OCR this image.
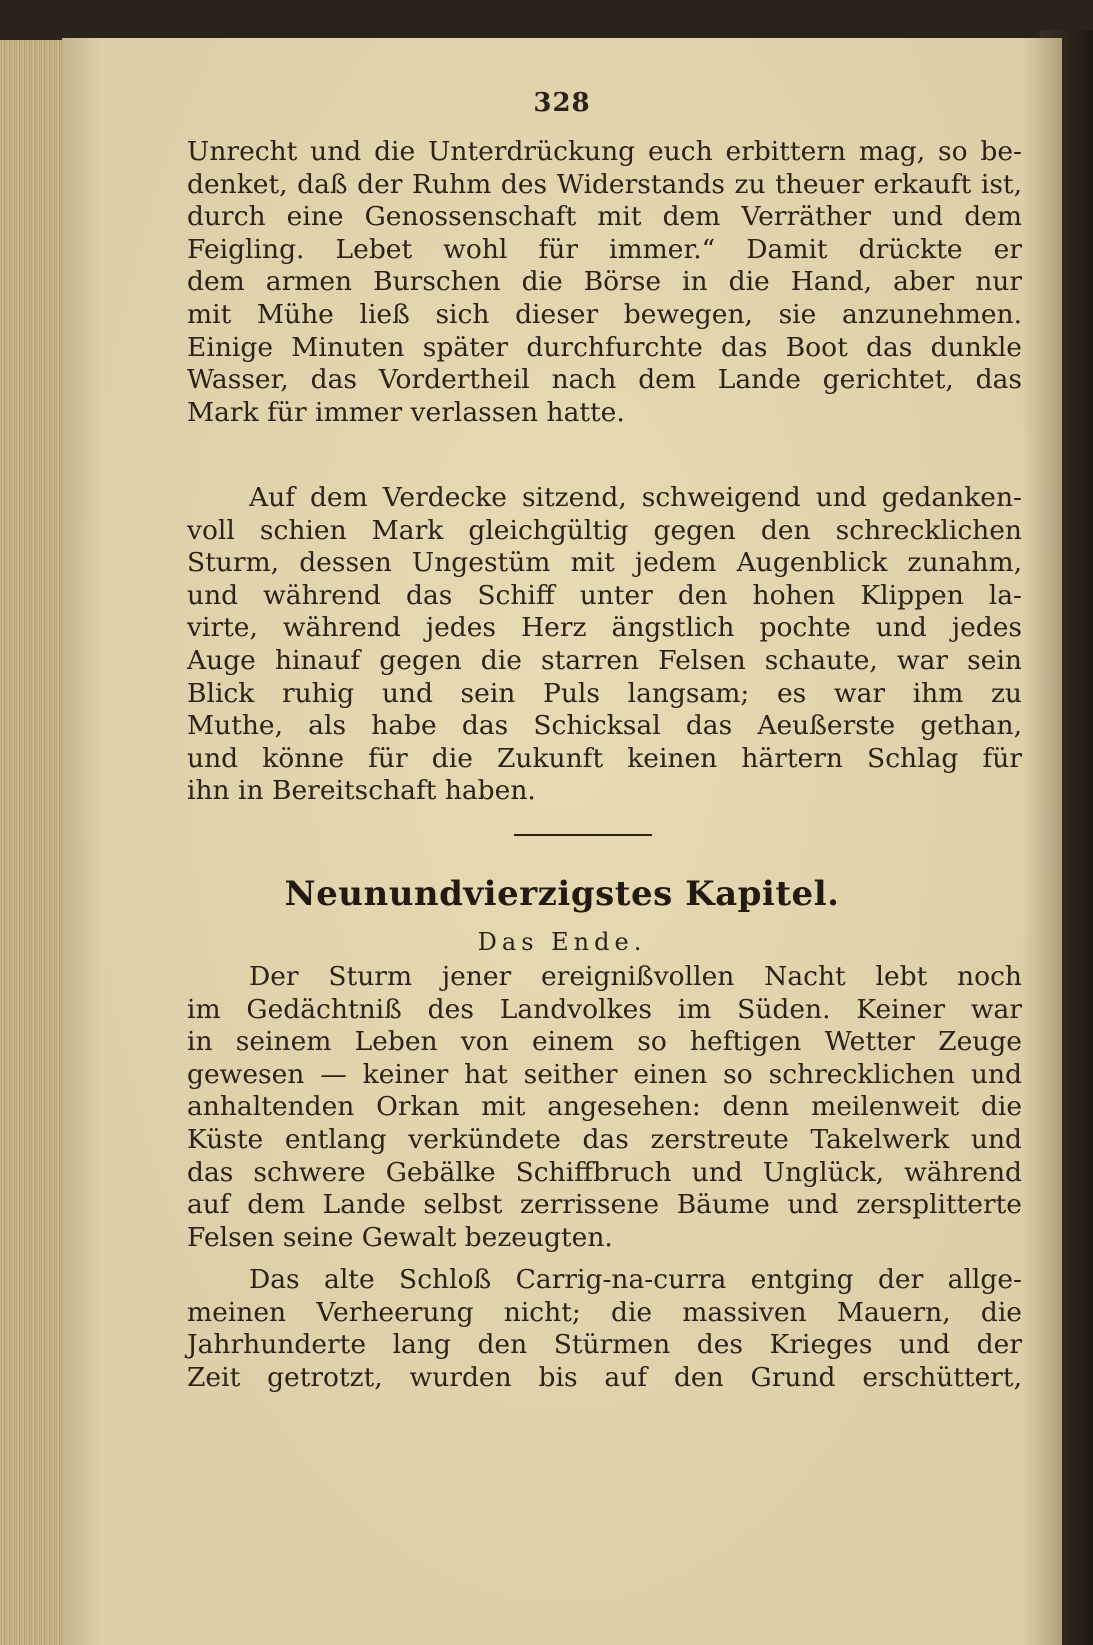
328
Unrecht und die Unterdrückung euch erbittern mag, so be-
denket, daß der Ruhm des Widerstands zu theuer erkauft ist,
durch eine Genossenschaft mit dem Verräther und dem
Feigling. Lebet wohl für immer.“ Damit drückte er
dem armen Burschen die Börse in die Hand, aber nur
mit Mühe ließ sich dieser bewegen, sie anzunehmen.
Einige Minuten später durchfurchte das Boot das dunkle
Wasser, das Vordertheil nach dem Lande gerichtet, das
Mark für immer verlassen hatte.
Auf dem Verdecke sitzend, schweigend und gedanken-
voll schien Mark gleichgültig gegen den schrecklichen
Sturm, dessen Ungestüm mit jedem Augenblick zunahm,
und während das Schiff unter den hohen Klippen la-
virte, während jedes Herz ängstlich pochte und jedes
Auge hinauf gegen die starren Felsen schaute, war sein
Blick ruhig und sein Puls langsam; es war ihm zu
Muthe, als habe das Schicksal das Aeußerste gethan,
und könne für die Zukunft keinen härtern Schlag für
ihn in Bereitschaft haben.
Neunundvierzigstes Kapitel.
Das Ende.
Der Sturm jener ereignißvollen Nacht lebt noch
im Gedächtniß des Landvolkes im Süden. Keiner war
in seinem Leben von einem so heftigen Wetter Zeuge
gewesen — keiner hat seither einen so schrecklichen und
anhaltenden Orkan mit angesehen: denn meilenweit die
Küste entlang verkündete das zerstreute Takelwerk und
das schwere Gebälke Schiffbruch und Unglück, während
auf dem Lande selbst zerrissene Bäume und zersplitterte
Felsen seine Gewalt bezeugten.
Das alte Schloß Carrig-na-curra entging der allge-
meinen Verheerung nicht; die massiven Mauern, die
Jahrhunderte lang den Stürmen des Krieges und der
Zeit getrotzt, wurden bis auf den Grund erschüttert,
